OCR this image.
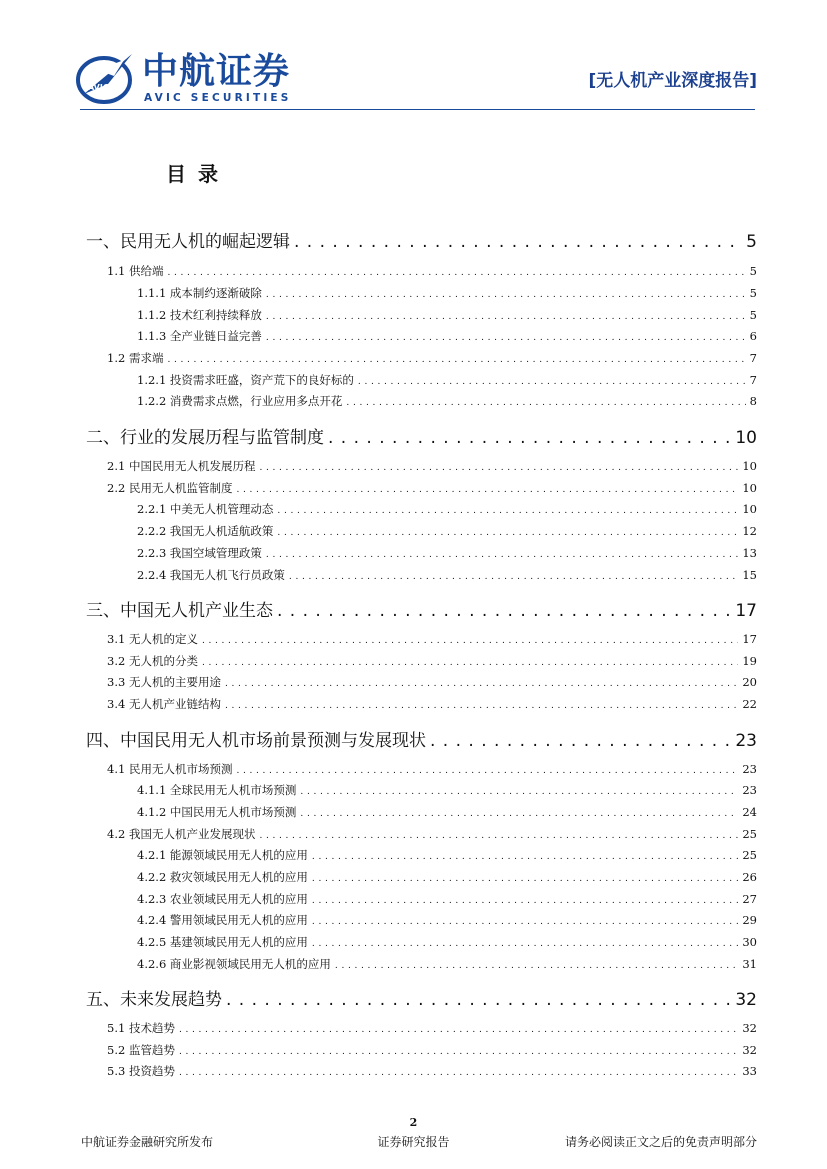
AVIC 中航证券
AVIC SECURITIES
[无人机产业深度报告]
目录
一、民用无人机的崛起逻辑 . . .	5
1.1 供给端 . . .	5
1.1.1 成本制约逐渐破除 . . .	5
1.1.2 技术红利持续释放 . . .	5
1.1.3 全产业链日益完善 . . .	6
1.2 需求端 . . .	7
1.2.1 投资需求旺盛，资产荒下的良好标的 . . .	7
1.2.2 消费需求点燃，行业应用多点开花 . . .	8
二、行业的发展历程与监管制度 . . .	10
2.1 中国民用无人机发展历程 . . .	10
2.2 民用无人机监管制度 . . .	10
2.2.1 中美无人机管理动态 . . .	10
2.2.2 我国无人机适航政策 . . .	12
2.2.3 我国空域管理政策 . . .	13
2.2.4 我国无人机飞行员政策 . . .	15
三、中国无人机产业生态 . . .	17
3.1 无人机的定义 . . .	17
3.2 无人机的分类 . . .	19
3.3 无人机的主要用途 . . .	20
3.4 无人机产业链结构 . . .	22
四、中国民用无人机市场前景预测与发展现状 . . .	23
4.1 民用无人机市场预测 . . .	23
4.1.1 全球民用无人机市场预测 . . .	23
4.1.2 中国民用无人机市场预测 . . .	24
4.2 我国无人机产业发展现状 . . .	25
4.2.1 能源领域民用无人机的应用 . . .	25
4.2.2 救灾领域民用无人机的应用 . . .	26
4.2.3 农业领域民用无人机的应用 . . .	27
4.2.4 警用领域民用无人机的应用 . . .	29
4.2.5 基建领域民用无人机的应用 . . .	30
4.2.6 商业影视领域民用无人机的应用 . . .	31
五、未来发展趋势 . . .	32
5.1 技术趋势 . . .	32
5.2 监管趋势 . . .	32
5.3 投资趋势 . . .	33
2
中航证券金融研究所发布	证券研究报告	请务必阅读正文之后的免责声明部分
